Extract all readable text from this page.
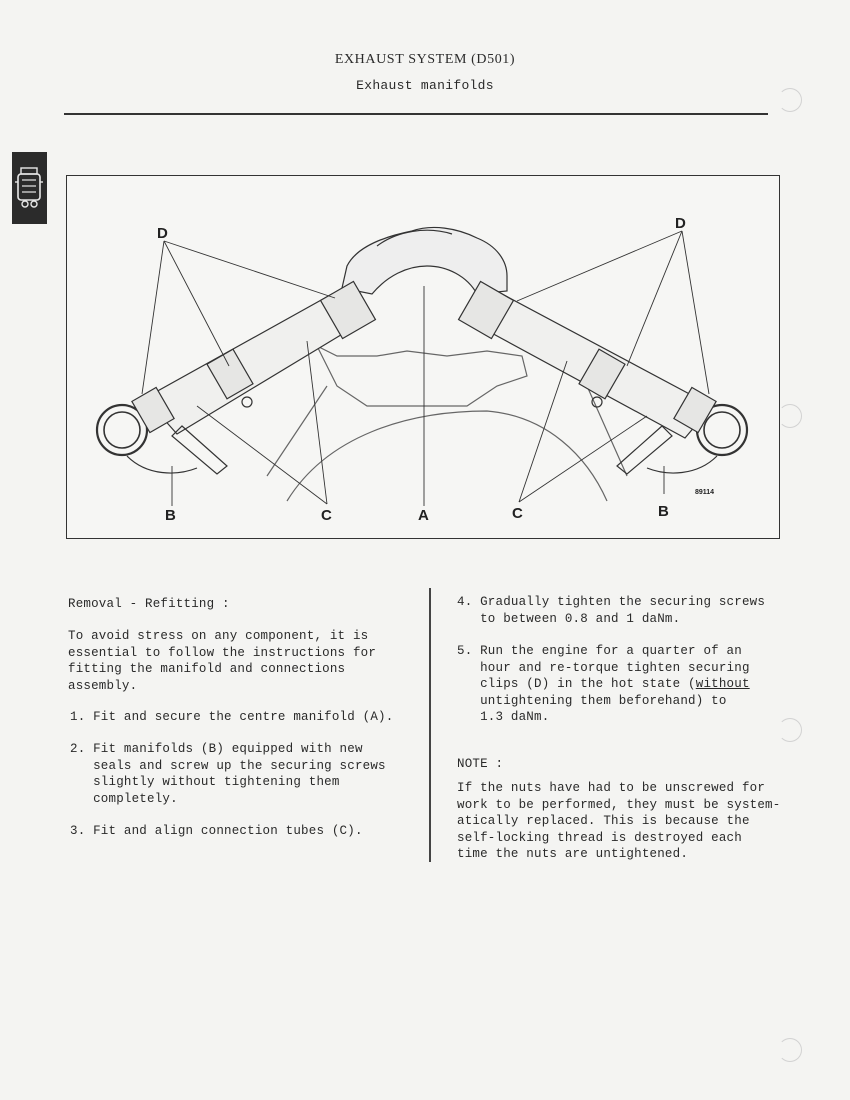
EXHAUST SYSTEM (D501)
Exhaust manifolds
D
D
B	C	A	C	B
89114
Removal - Refitting :
To avoid stress on any component, it is
essential to follow the instructions for
fitting the manifold and connections
assembly.
1. Fit and secure the centre manifold (A).
2. Fit manifolds (B) equipped with new
seals and screw up the securing screws
slightly without tightening them
completely.
3. Fit and align connection tubes (C).
4. Gradually tighten the securing screws
to between 0.8 and 1 daNm.
5. Run the engine for a quarter of an
hour and re-torque tighten securing
clips (D) in the hot state (without
untightening them beforehand) to
1.3 daNm.
NOTE :
If the nuts have had to be unscrewed for
work to be performed, they must be system-
atically replaced. This is because the
self-locking thread is destroyed each
time the nuts are untightened.
